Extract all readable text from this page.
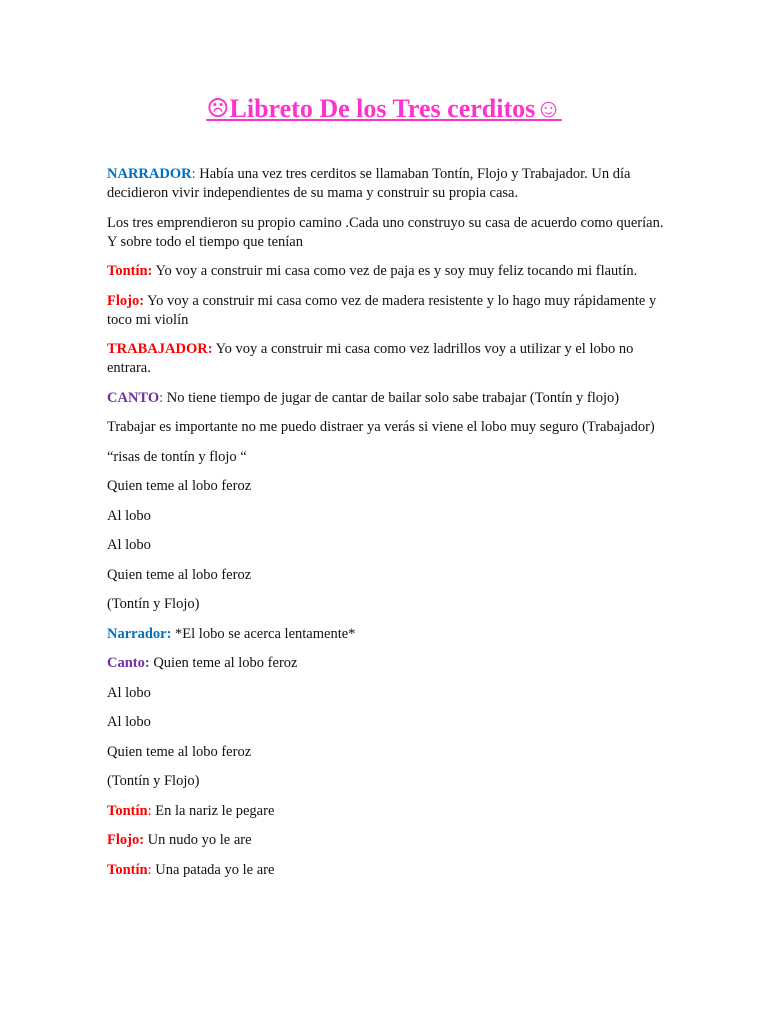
☹Libreto De los Tres cerditos☺

NARRADOR: Había una vez tres cerditos se llamaban Tontín, Flojo y Trabajador. Un día decidieron vivir independientes de su mama y construir su propia casa.

Los tres emprendieron su propio camino .Cada uno construyo su casa de acuerdo como querían. Y sobre todo el tiempo que tenían

Tontín: Yo voy a construir mi casa como vez de paja es y soy muy feliz tocando mi flautín.

Flojo: Yo voy a construir mi casa como vez de madera resistente y lo hago muy rápidamente y toco mi violín

TRABAJADOR: Yo voy a construir mi casa como vez ladrillos voy a utilizar y el lobo no entrara.

CANTO: No tiene tiempo de jugar de cantar de bailar solo sabe trabajar (Tontín y flojo)

Trabajar es importante no me puedo distraer ya verás si viene el lobo muy seguro (Trabajador)

“risas de tontín y flojo “

Quien teme al lobo feroz

Al lobo

Al lobo

Quien teme al lobo feroz

(Tontín y Flojo)

Narrador: *El lobo se acerca lentamente*

Canto: Quien teme al lobo feroz

Al lobo

Al lobo

Quien teme al lobo feroz

(Tontín y Flojo)

Tontín: En la nariz le pegare

Flojo: Un nudo yo le are

Tontín: Una patada yo le are
